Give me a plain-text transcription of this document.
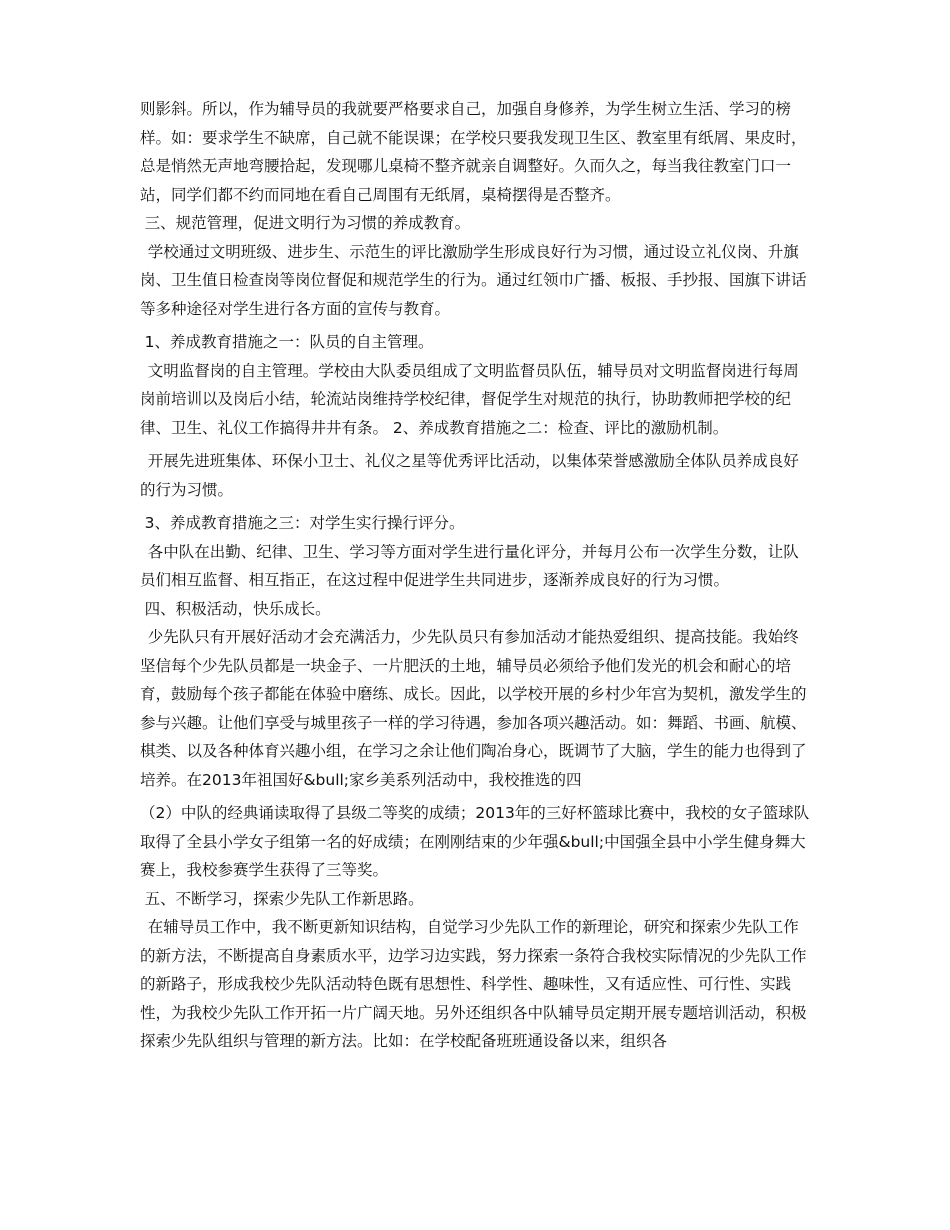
则影斜。所以，作为辅导员的我就要严格要求自己，加强自身修养，为学生树立生活、学习的榜样。如：要求学生不缺席，自己就不能误课；在学校只要我发现卫生区、教室里有纸屑、果皮时，总是悄然无声地弯腰拾起，发现哪儿桌椅不整齐就亲自调整好。久而久之，每当我往教室门口一站，同学们都不约而同地在看自己周围有无纸屑，桌椅摆得是否整齐。

三、规范管理，促进文明行为习惯的养成教育。

学校通过文明班级、进步生、示范生的评比激励学生形成良好行为习惯，通过设立礼仪岗、升旗岗、卫生值日检查岗等岗位督促和规范学生的行为。通过红领巾广播、板报、手抄报、国旗下讲话等多种途径对学生进行各方面的宣传与教育。

1、养成教育措施之一：队员的自主管理。

文明监督岗的自主管理。学校由大队委员组成了文明监督员队伍，辅导员对文明监督岗进行每周岗前培训以及岗后小结，轮流站岗维持学校纪律，督促学生对规范的执行，协助教师把学校的纪律、卫生、礼仪工作搞得井井有条。 2、养成教育措施之二：检查、评比的激励机制。

开展先进班集体、环保小卫士、礼仪之星等优秀评比活动，以集体荣誉感激励全体队员养成良好的行为习惯。

3、养成教育措施之三：对学生实行操行评分。

各中队在出勤、纪律、卫生、学习等方面对学生进行量化评分，并每月公布一次学生分数，让队员们相互监督、相互指正，在这过程中促进学生共同进步，逐渐养成良好的行为习惯。

四、积极活动，快乐成长。

少先队只有开展好活动才会充满活力，少先队员只有参加活动才能热爱组织、提高技能。我始终坚信每个少先队员都是一块金子、一片肥沃的土地，辅导员必须给予他们发光的机会和耐心的培育，鼓励每个孩子都能在体验中磨练、成长。因此，以学校开展的乡村少年宫为契机，激发学生的参与兴趣。让他们享受与城里孩子一样的学习待遇，参加各项兴趣活动。如：舞蹈、书画、航模、棋类、以及各种体育兴趣小组，在学习之余让他们陶冶身心，既调节了大脑，学生的能力也得到了培养。在2013年祖国好&bull;家乡美系列活动中，我校推选的四

（2）中队的经典诵读取得了县级二等奖的成绩；2013年的三好杯篮球比赛中，我校的女子篮球队取得了全县小学女子组第一名的好成绩；在刚刚结束的少年强&bull;中国强全县中小学生健身舞大赛上，我校参赛学生获得了三等奖。

五、不断学习，探索少先队工作新思路。

在辅导员工作中，我不断更新知识结构，自觉学习少先队工作的新理论，研究和探索少先队工作的新方法，不断提高自身素质水平，边学习边实践，努力探索一条符合我校实际情况的少先队工作的新路子，形成我校少先队活动特色既有思想性、科学性、趣味性，又有适应性、可行性、实践性，为我校少先队工作开拓一片广阔天地。另外还组织各中队辅导员定期开展专题培训活动，积极探索少先队组织与管理的新方法。比如：在学校配备班班通设备以来，组织各
